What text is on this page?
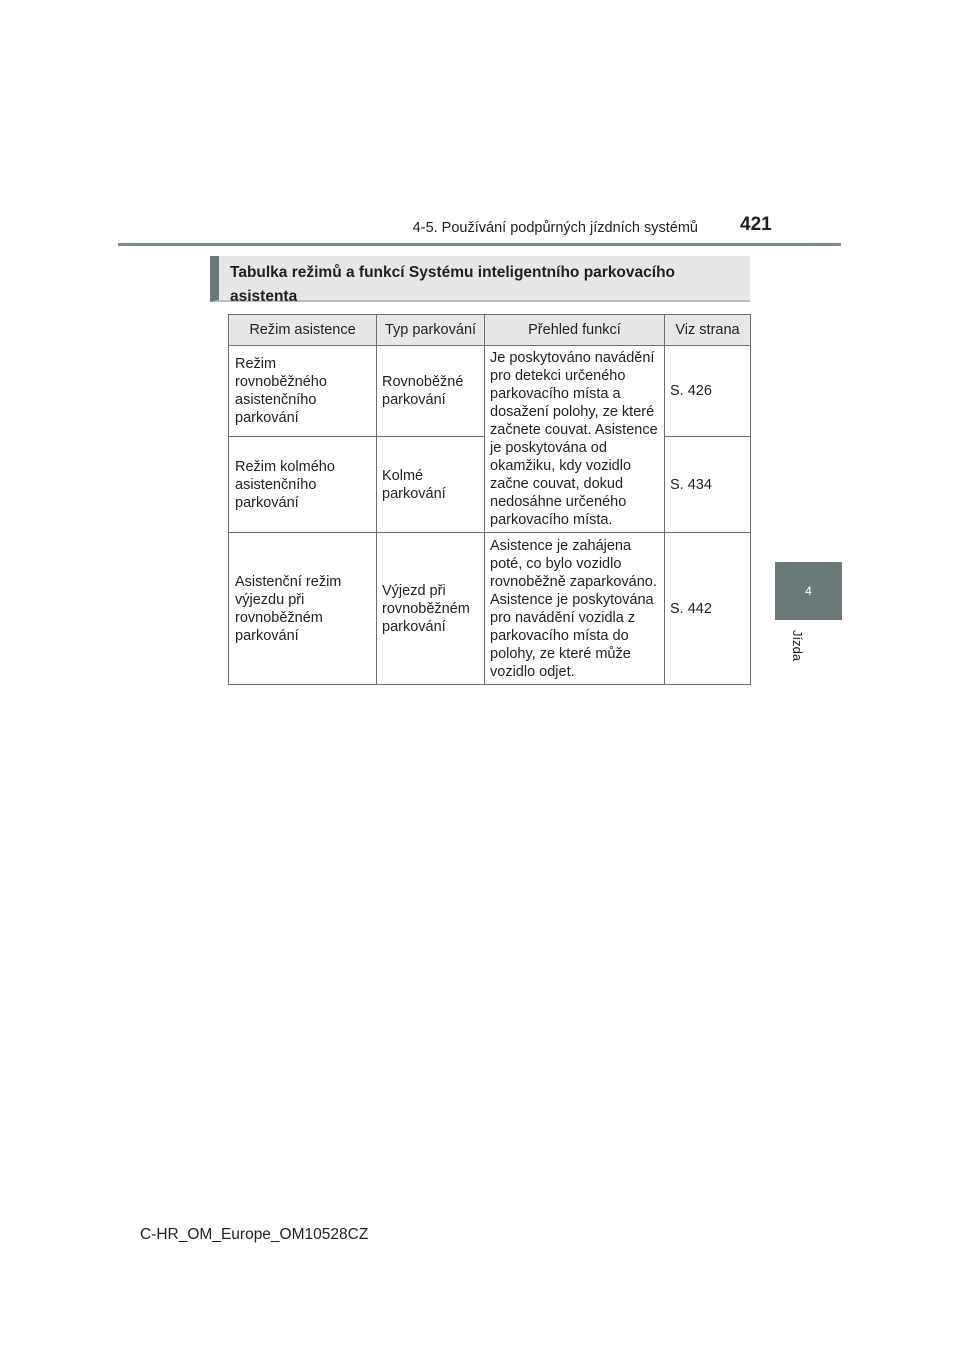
4-5. Používání podpůrných jízdních systémů 421
4
Jízda
Tabulka režimů a funkcí Systému inteligentního parkovacího asistenta
Režim asistence	Typ parkování	Přehled funkcí	Viz strana
Režim rovnoběžného asistenčního parkování	Rovnoběžné parkování	Je poskytováno navádění pro detekci určeného parkovacího místa a dosažení polohy, ze které začnete couvat. Asistence je poskytována od okamžiku, kdy vozidlo začne couvat, dokud nedosáhne určeného parkovacího místa.	S. 426
Režim kolmého asistenčního parkování	Kolmé parkování		S. 434
Asistenční režim výjezdu při rovnoběžném parkování	Výjezd při rovnoběžném parkování	Asistence je zahájena poté, co bylo vozidlo rovnoběžně zaparkováno. Asistence je poskytována pro navádění vozidla z parkovacího místa do polohy, ze které může vozidlo odjet.	S. 442
C-HR_OM_Europe_OM10528CZ
